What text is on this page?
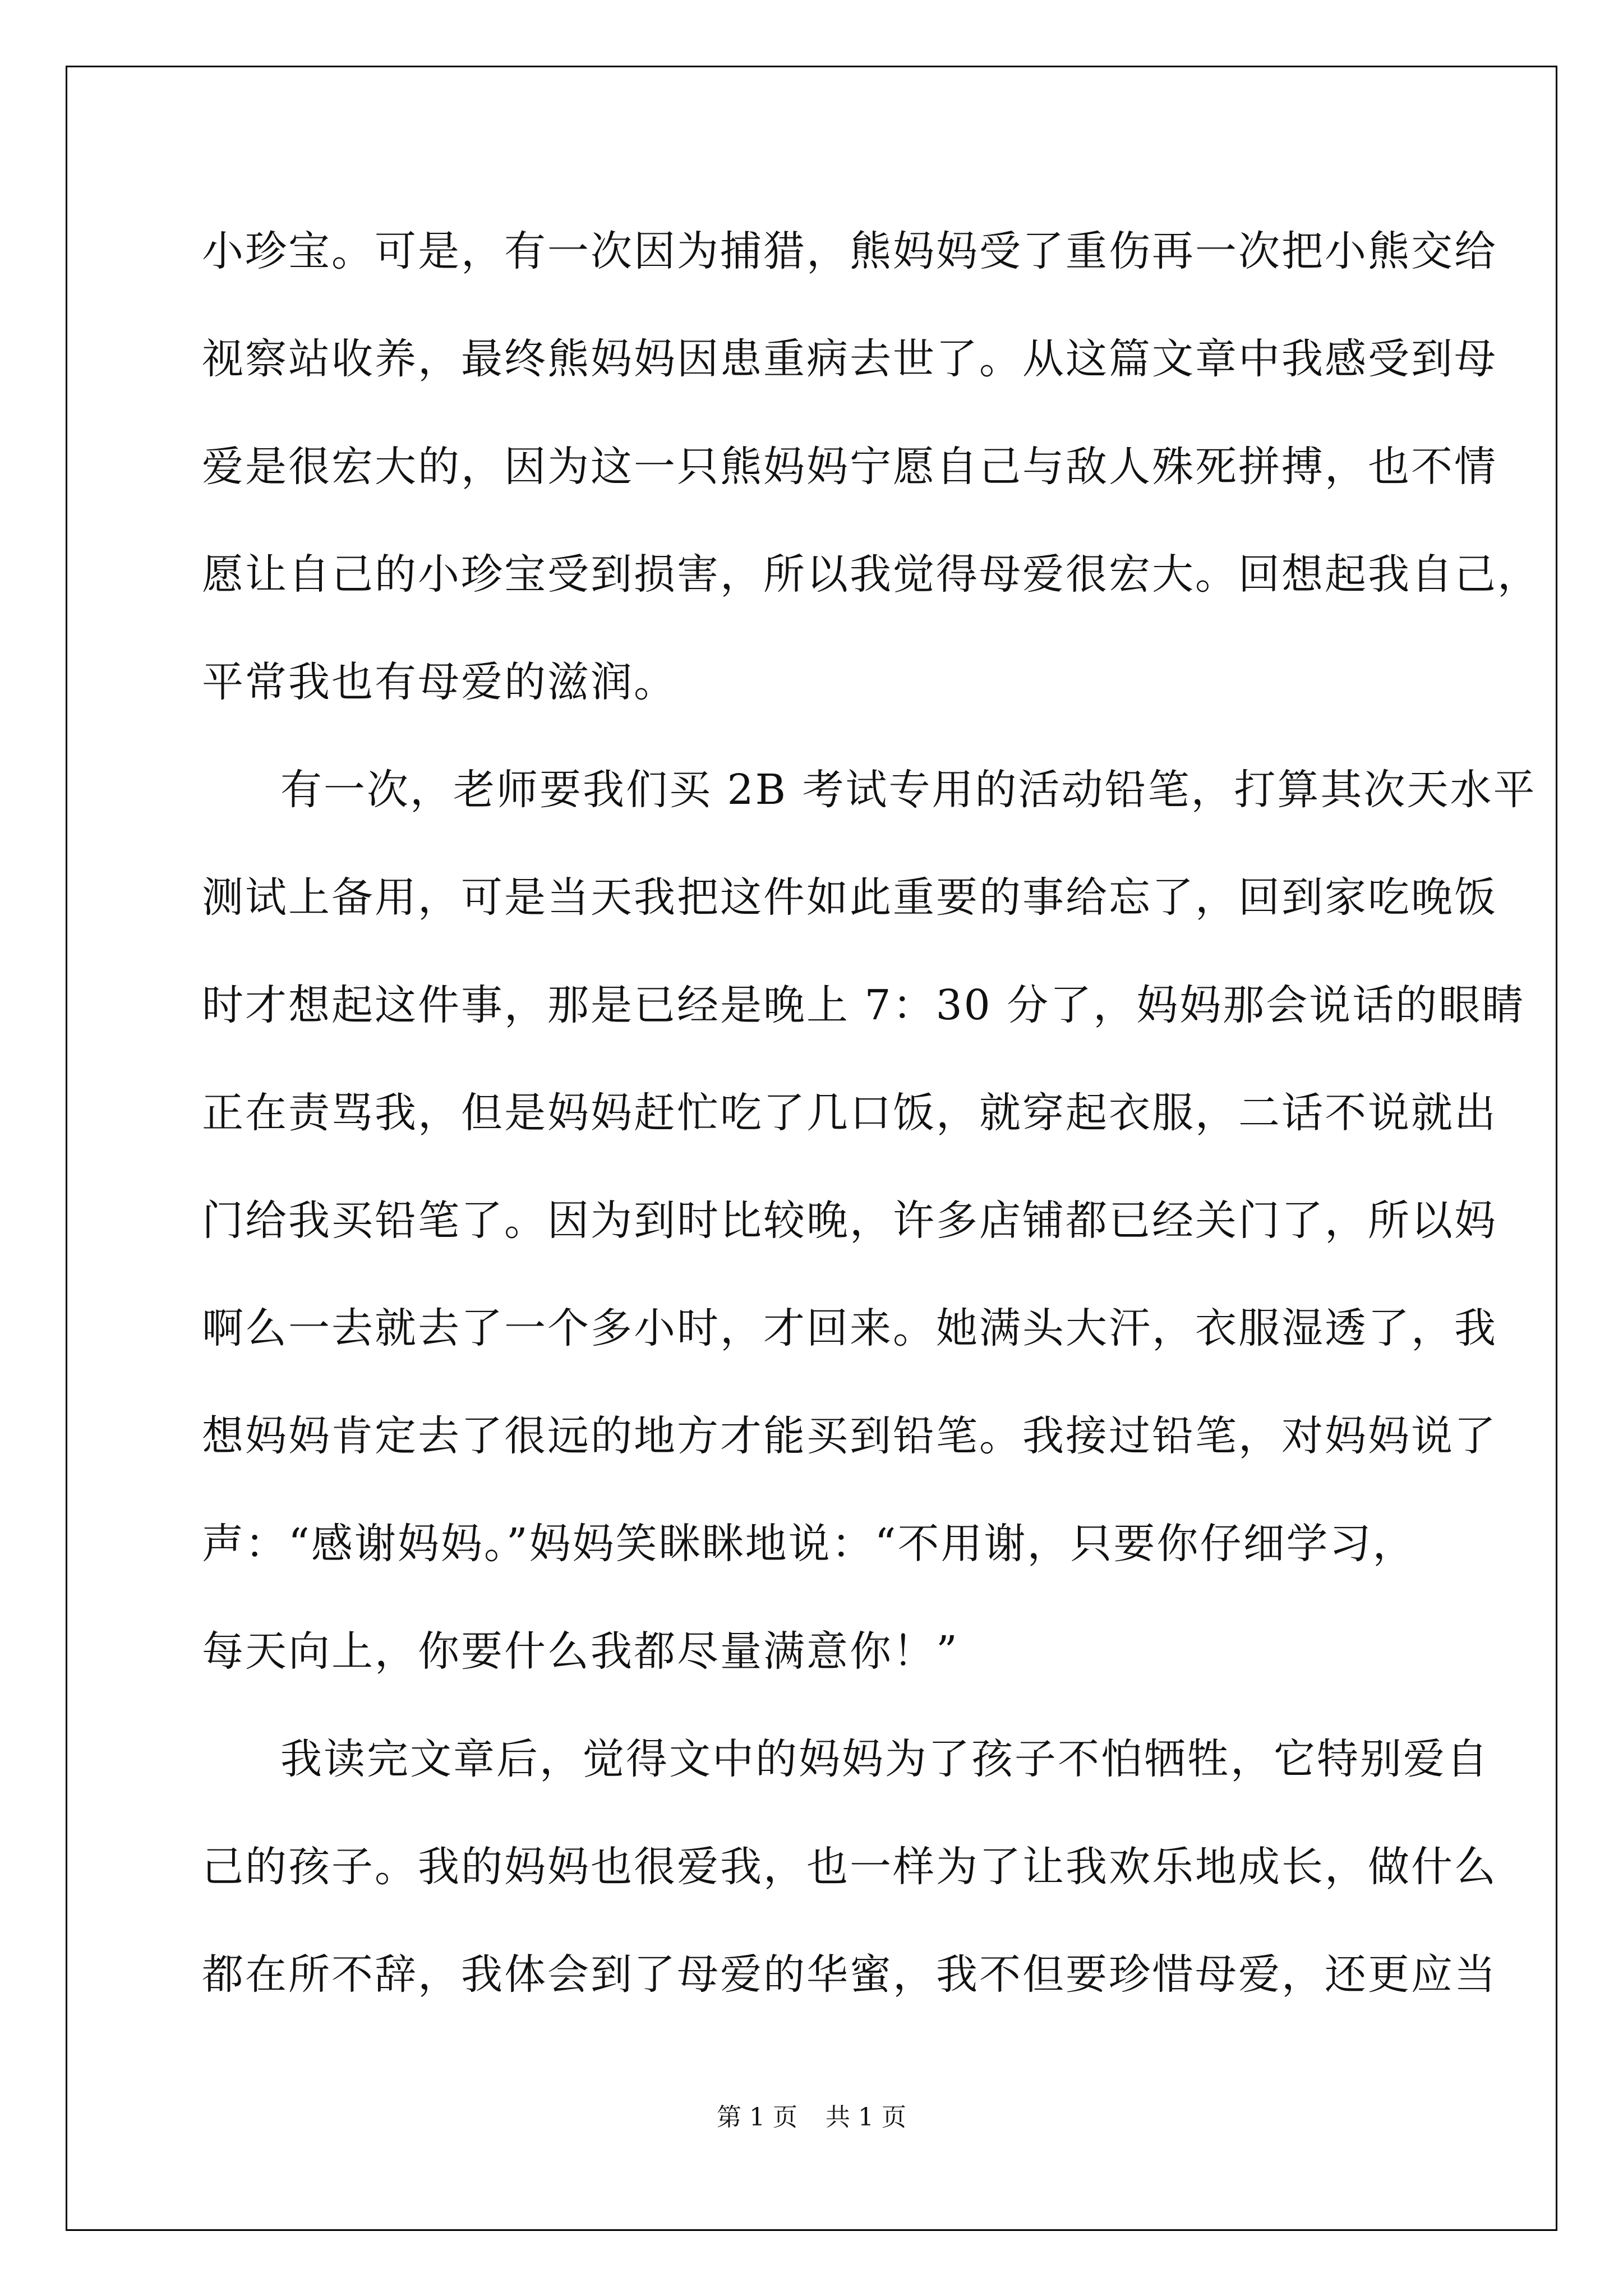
小珍宝。可是，有一次因为捕猎，熊妈妈受了重伤再一次把小熊交给
视察站收养，最终熊妈妈因患重病去世了。从这篇文章中我感受到母
爱是很宏大的，因为这一只熊妈妈宁愿自己与敌人殊死拼搏，也不情
愿让自己的小珍宝受到损害，所以我觉得母爱很宏大。回想起我自己，
平常我也有母爱的滋润。
有一次，老师要我们买 2B 考试专用的活动铅笔，打算其次天水平
测试上备用，可是当天我把这件如此重要的事给忘了，回到家吃晚饭
时才想起这件事，那是已经是晚上 7：30 分了，妈妈那会说话的眼睛
正在责骂我，但是妈妈赶忙吃了几口饭，就穿起衣服，二话不说就出
门给我买铅笔了。因为到时比较晚，许多店铺都已经关门了，所以妈
啊么一去就去了一个多小时，才回来。她满头大汗，衣服湿透了，我
想妈妈肯定去了很远的地方才能买到铅笔。我接过铅笔，对妈妈说了
声：“感谢妈妈。”妈妈笑眯眯地说：“不用谢，只要你仔细学习，
每天向上，你要什么我都尽量满意你！”
我读完文章后，觉得文中的妈妈为了孩子不怕牺牲，它特别爱自
己的孩子。我的妈妈也很爱我，也一样为了让我欢乐地成长，做什么
都在所不辞，我体会到了母爱的华蜜，我不但要珍惜母爱，还更应当
第 1 页 共 1 页
